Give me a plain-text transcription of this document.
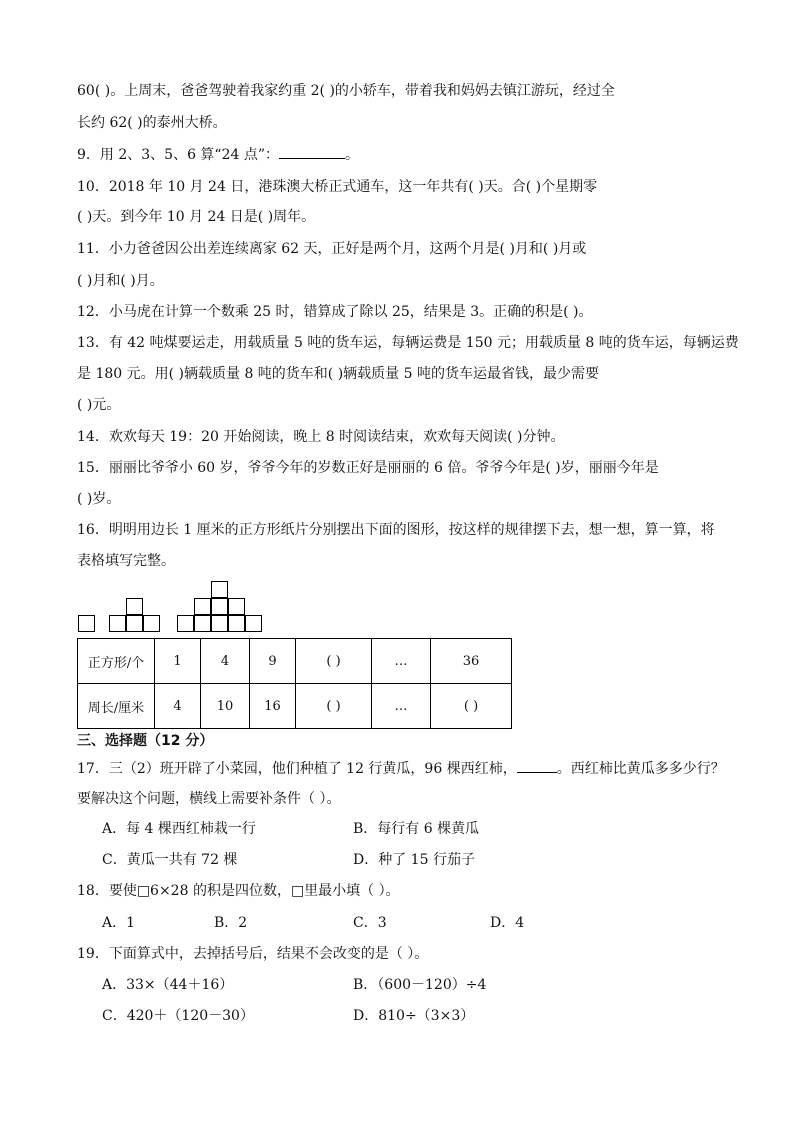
60( )。上周末，爸爸驾驶着我家约重 2( )的小轿车，带着我和妈妈去镇江游玩，经过全
长约 62( )的泰州大桥。
9．用 2、3、5、6 算“24 点”：	。
10．2018 年 10 月 24 日，港珠澳大桥正式通车，这一年共有( )天。合( )个星期零
( )天。到今年 10 月 24 日是( )周年。
11．小力爸爸因公出差连续离家 62 天，正好是两个月，这两个月是( )月和( )月或
( )月和( )月。
12．小马虎在计算一个数乘 25 时，错算成了除以 25，结果是 3。正确的积是( )。
13．有 42 吨煤要运走，用载质量 5 吨的货车运，每辆运费是 150 元；用载质量 8 吨的货车运，每辆运费
是 180 元。用( )辆载质量 8 吨的货车和( )辆载质量 5 吨的货车运最省钱，最少需要
( )元。
14．欢欢每天 19：20 开始阅读，晚上 8 时阅读结束，欢欢每天阅读( )分钟。
15．丽丽比爷爷小 60 岁，爷爷今年的岁数正好是丽丽的 6 倍。爷爷今年是( )岁，丽丽今年是
( )岁。
16．明明用边长 1 厘米的正方形纸片分别摆出下面的图形，按这样的规律摆下去，想一想，算一算，将
表格填写完整。
正方形/个	1	4	9	( )	…	36
周长/厘米	4	10	16	( )	…	( )
三、选择题（12 分）
17．三（2）班开辟了小菜园，他们种植了 12 行黄瓜，96 棵西红柿，	。西红柿比黄瓜多多少行？
要解决这个问题，横线上需要补条件（ ）。
A．每 4 棵西红柿栽一行	B．每行有 6 棵黄瓜
C．黄瓜一共有 72 棵	D．种了 15 行茄子
18．要使□6×28 的积是四位数，□里最小填（ ）。
A．1	B．2	C．3	D．4
19．下面算式中，去掉括号后，结果不会改变的是（ ）。
A．33×（44＋16）	B．（600－120）÷4
C．420＋（120－30）	D．810÷（3×3）
